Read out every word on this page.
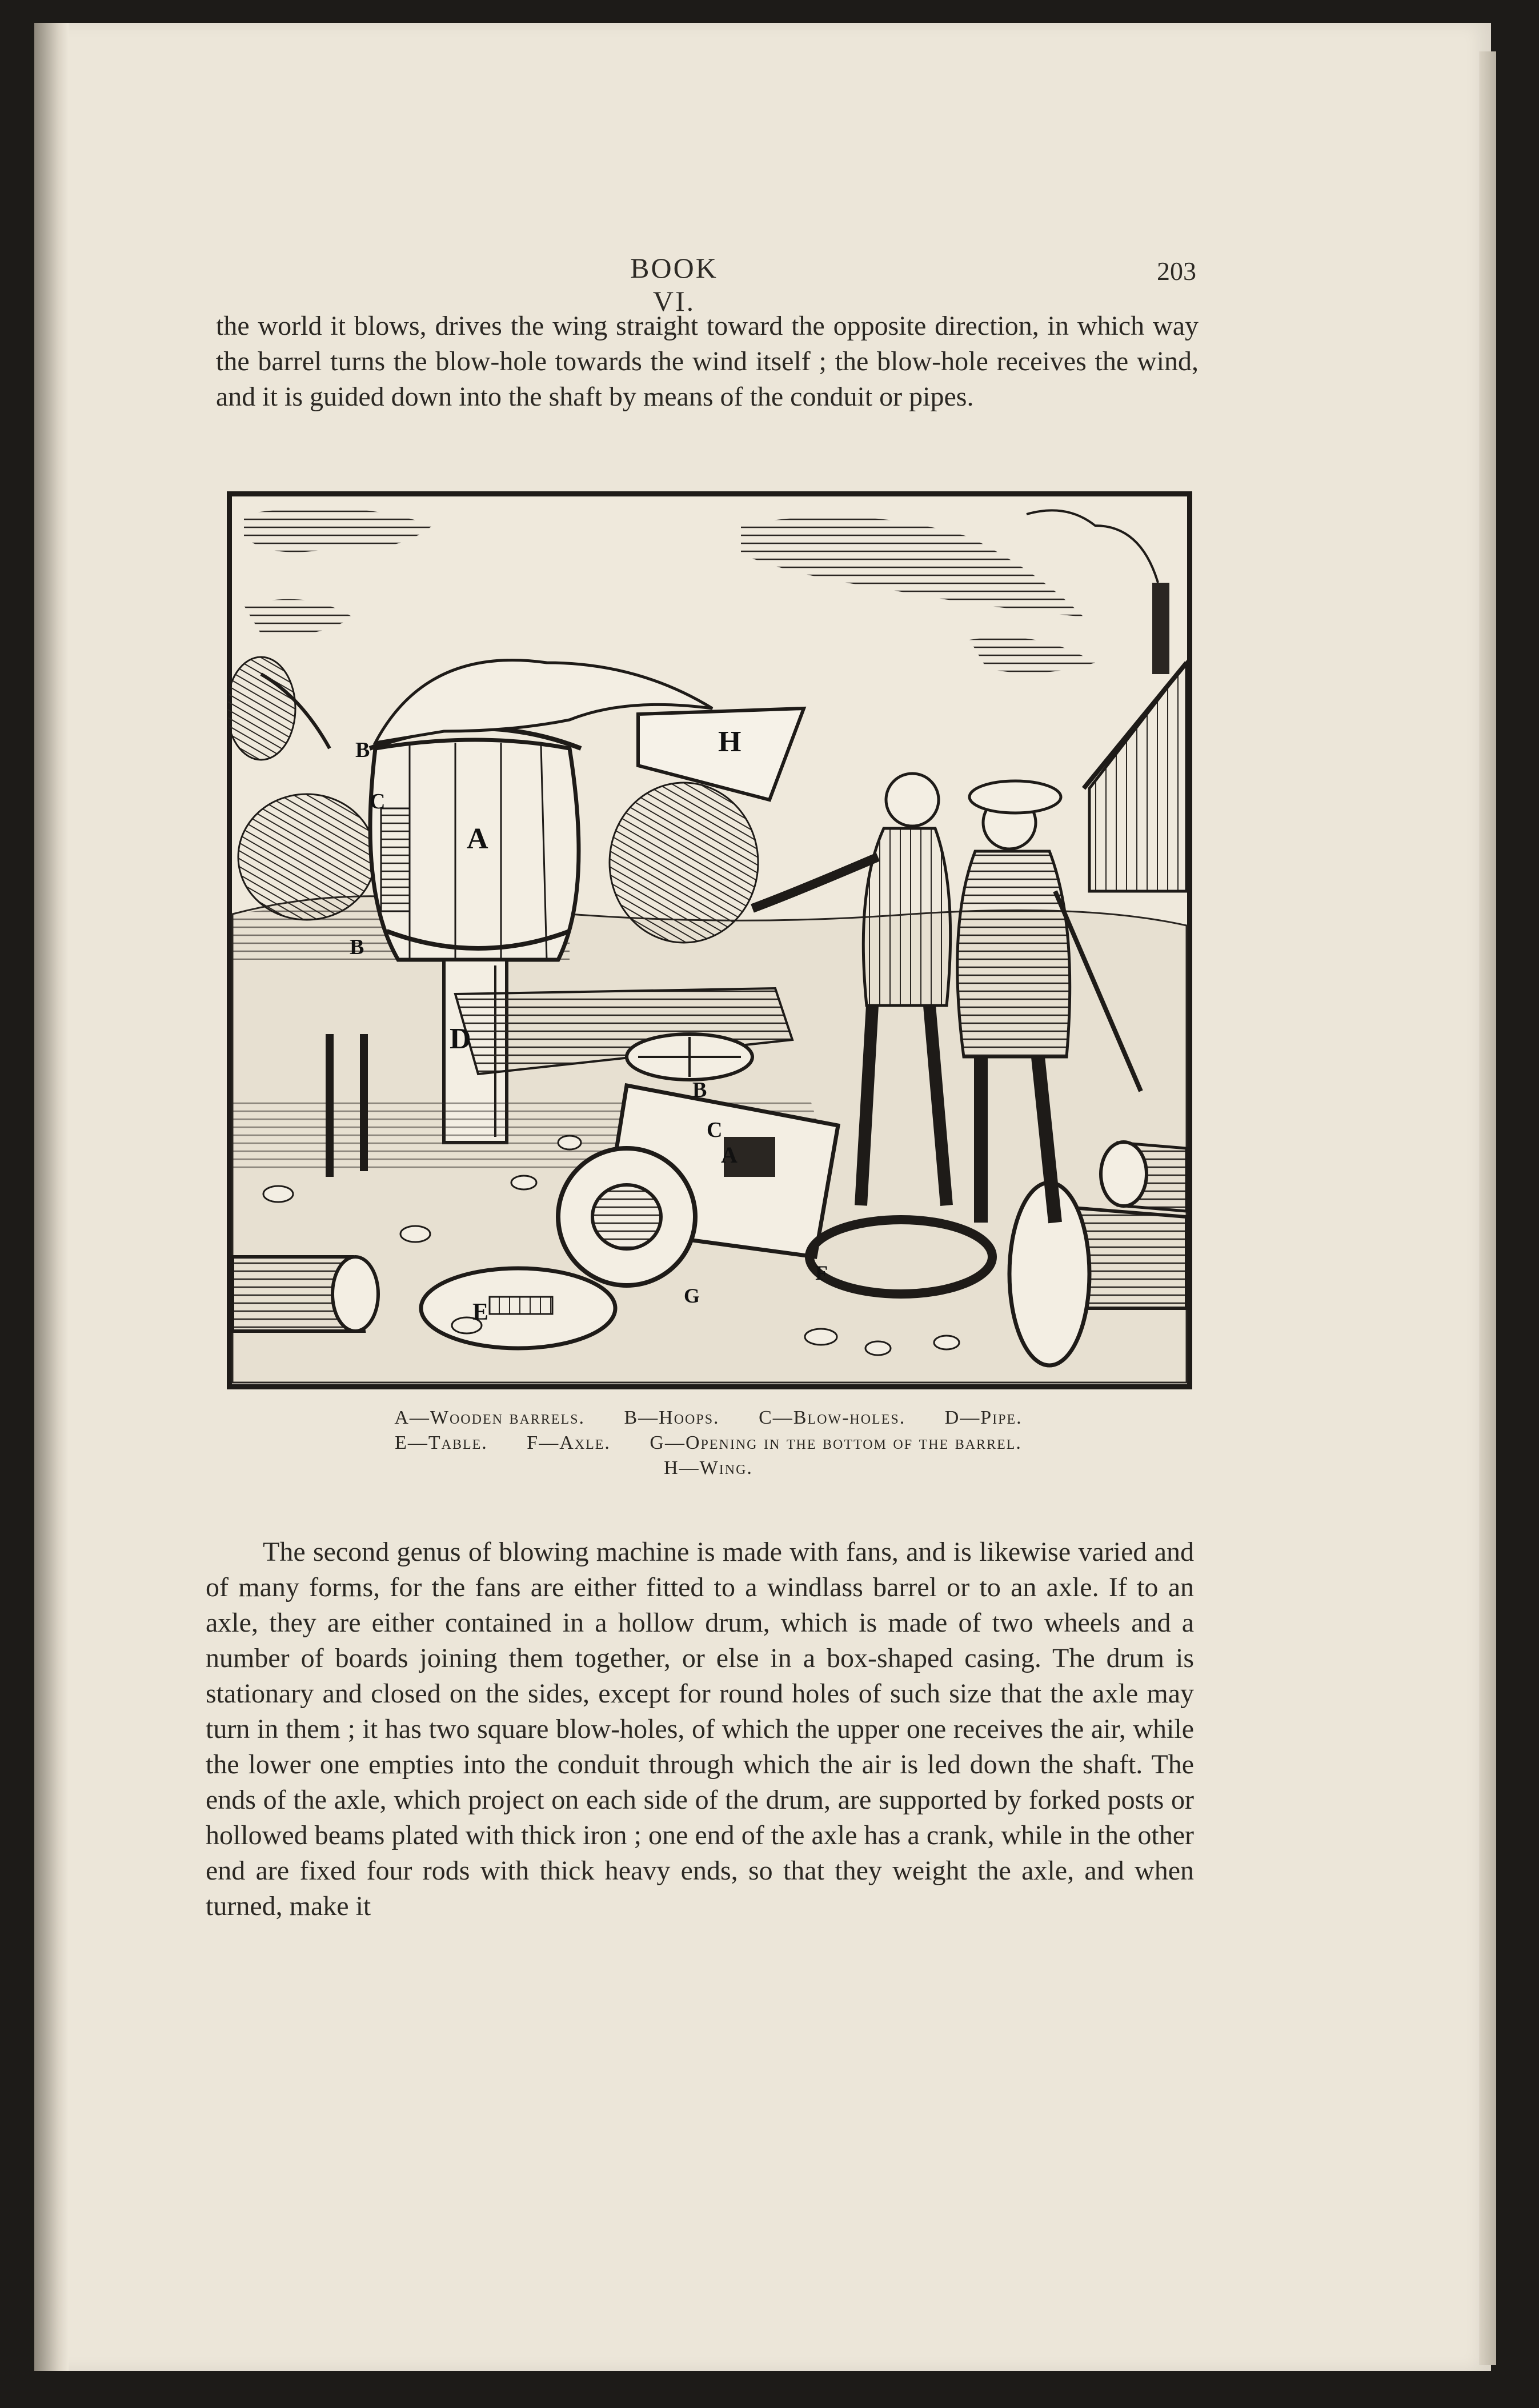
BOOK VI.
203

the world it blows, drives the wing straight toward the opposite direction, in which way the barrel turns the blow-hole towards the wind itself ; the blow-hole receives the wind, and it is guided down into the shaft by means of the conduit or pipes.

A
A
B
B
B
C
C
D
E
F
G
H
A—Wooden barrels. B—Hoops. C—Blow-holes. D—Pipe.
E—Table. F—Axle. G—Opening in the bottom of the barrel.
H—Wing.

The second genus of blowing machine is made with fans, and is likewise varied and of many forms, for the fans are either fitted to a windlass barrel or to an axle. If to an axle, they are either contained in a hollow drum, which is made of two wheels and a number of boards joining them together, or else in a box-shaped casing. The drum is stationary and closed on the sides, except for round holes of such size that the axle may turn in them ; it has two square blow-holes, of which the upper one receives the air, while the lower one empties into the conduit through which the air is led down the shaft. The ends of the axle, which project on each side of the drum, are supported by forked posts or hollowed beams plated with thick iron ; one end of the axle has a crank, while in the other end are fixed four rods with thick heavy ends, so that they weight the axle, and when turned, make it
